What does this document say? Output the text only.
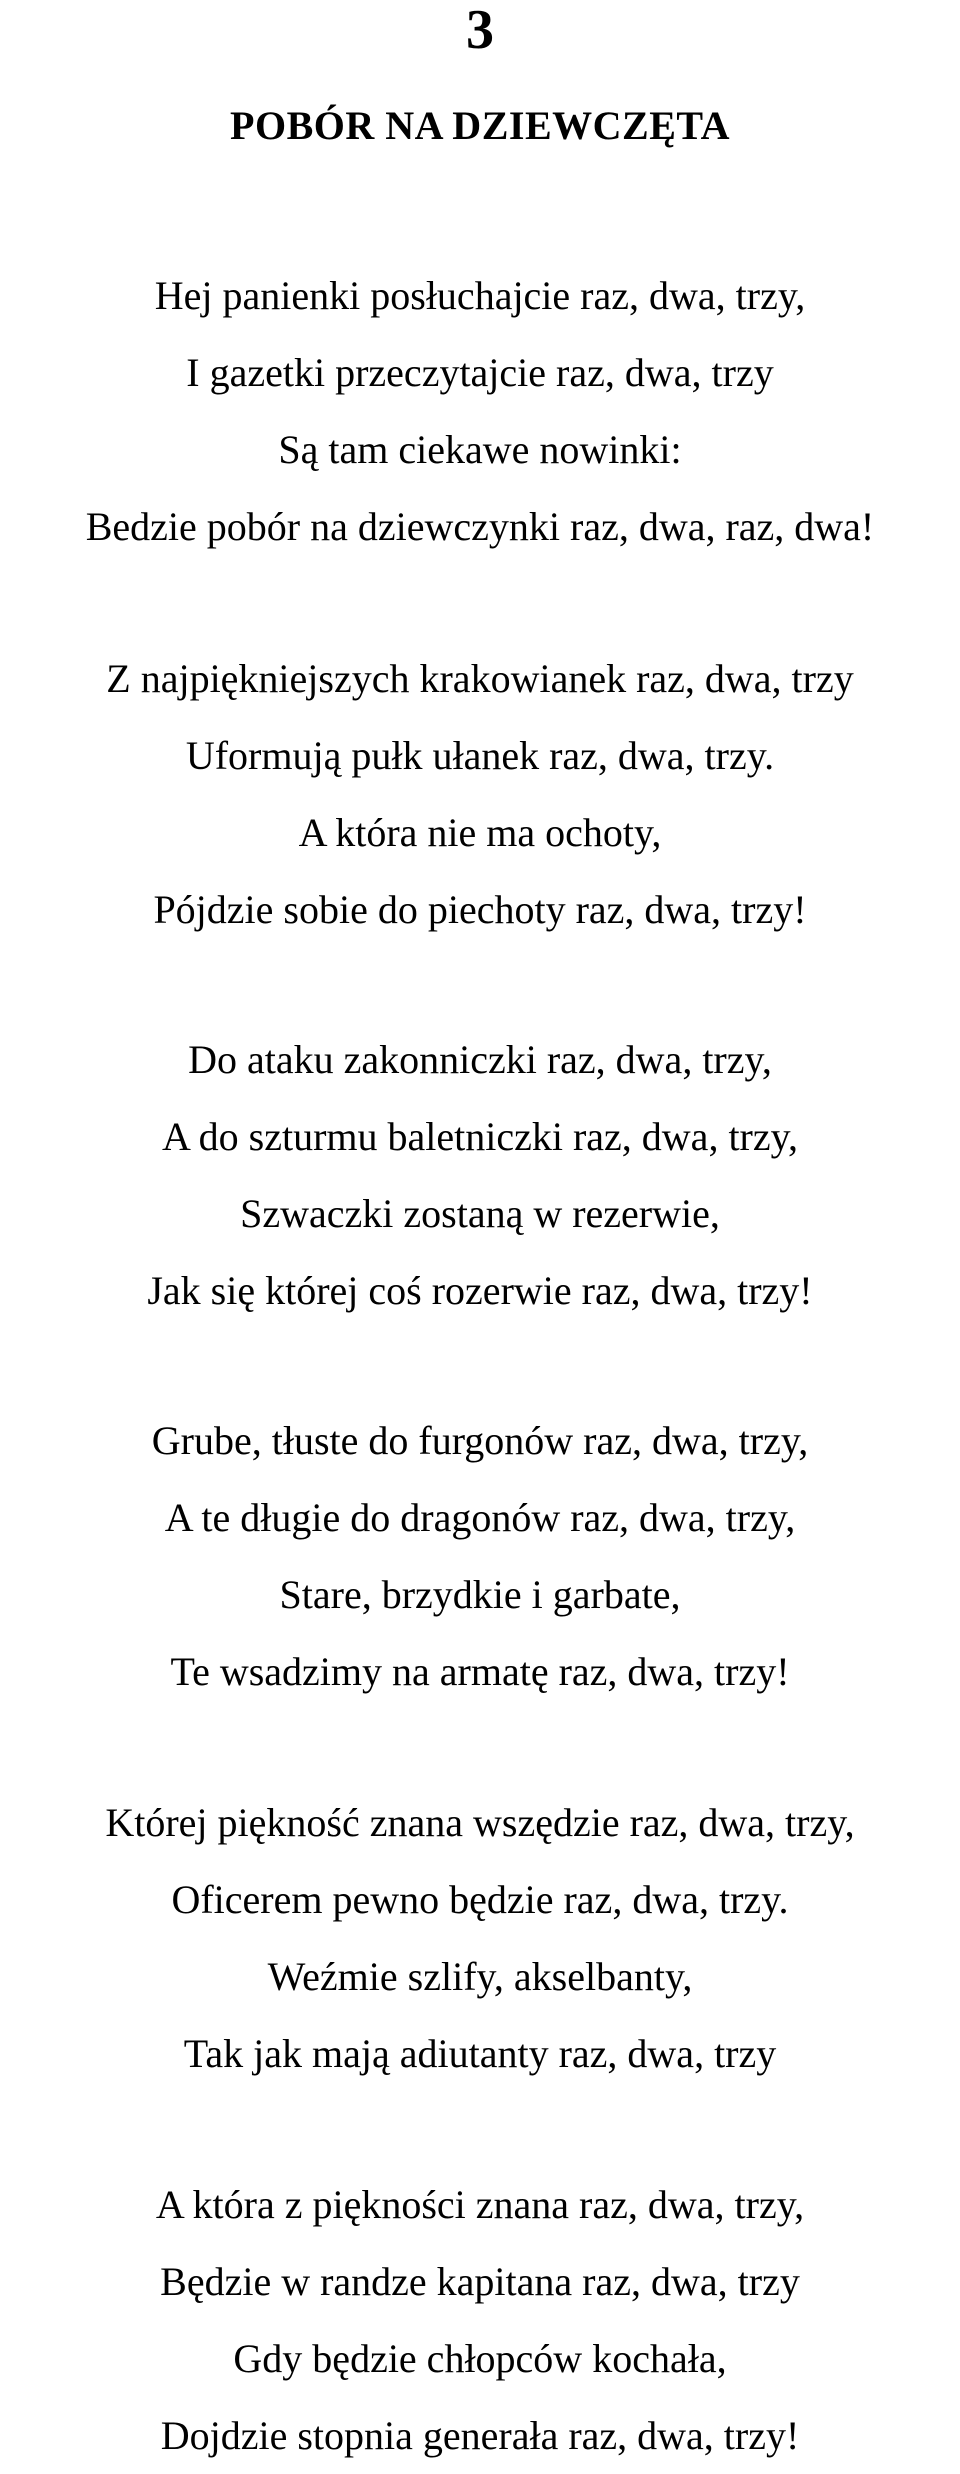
3
POBÓR NA DZIEWCZĘTA
Hej panienki posłuchajcie raz, dwa, trzy,
I gazetki przeczytajcie raz, dwa, trzy
Są tam ciekawe nowinki:
Bedzie pobór na dziewczynki raz, dwa, raz, dwa!
Z najpiękniejszych krakowianek raz, dwa, trzy
Uformują pułk ułanek raz, dwa, trzy.
A która nie ma ochoty,
Pójdzie sobie do piechoty raz, dwa, trzy!
Do ataku zakonniczki raz, dwa, trzy,
A do szturmu baletniczki raz, dwa, trzy,
Szwaczki zostaną w rezerwie,
Jak się której coś rozerwie raz, dwa, trzy!
Grube, tłuste do furgonów raz, dwa, trzy,
A te długie do dragonów raz, dwa, trzy,
Stare, brzydkie i garbate,
Te wsadzimy na armatę raz, dwa, trzy!
Której piękność znana wszędzie raz, dwa, trzy,
Oficerem pewno będzie raz, dwa, trzy.
Weźmie szlify, akselbanty,
Tak jak mają adiutanty raz, dwa, trzy
A która z piękności znana raz, dwa, trzy,
Będzie w randze kapitana raz, dwa, trzy
Gdy będzie chłopców kochała,
Dojdzie stopnia generała raz, dwa, trzy!
